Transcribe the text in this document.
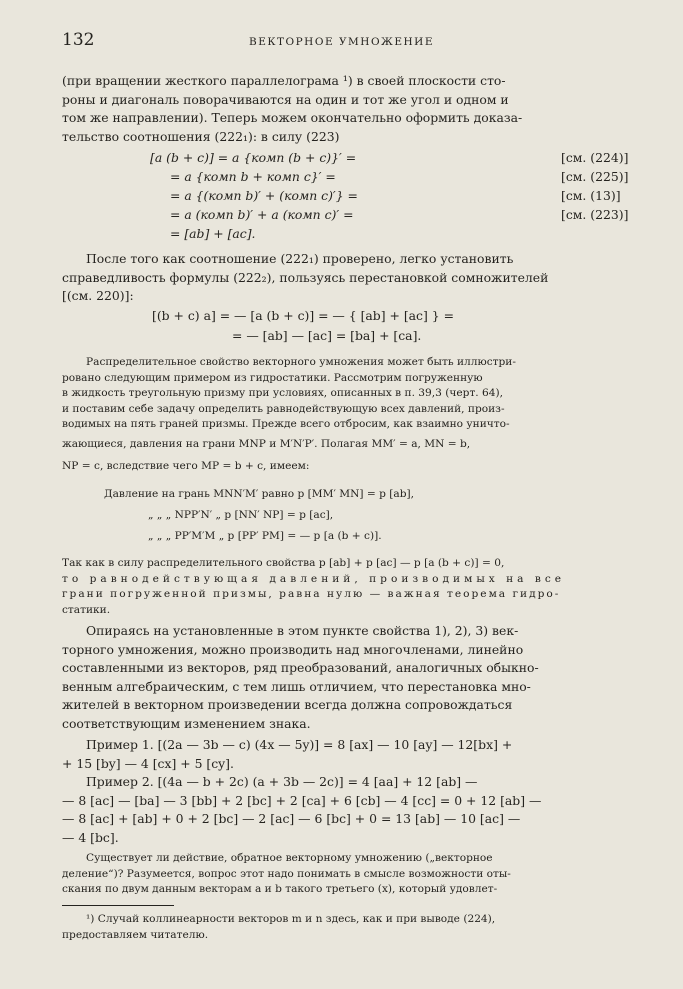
132	ВЕКТОРНОЕ УМНОЖЕНИЕ
(при вращении жесткого параллелограма ¹) в своей плоскости сто-
роны и диагональ поворачиваются на один и тот же угол и одном и
том же направлении). Теперь можем окончательно оформить доказа-
тельство соотношения (222₁): в силу (223)
[a (b + c)] = a {комп (b + c)}′ =	[см. (224)]
= a {комп b + комп c}′ =	[см. (225)]
= a {(комп b)′ + (комп c)′} =	[см. (13)]
= a (комп b)′ + a (комп c)′ =	[см. (223)]
= [ab] + [ac].
После того как соотношение (222₁) проверено, легко установить
справедливость формулы (222₂), пользуясь перестановкой сомножителей
[(см. 220)]:
[(b + c) a] = — [a (b + c)] = — { [ab] + [ac] } =
= — [ab] — [ac] = [ba] + [ca].
Распределительное свойство векторного умножения может быть иллюстри-
ровано следующим примером из гидростатики. Рассмотрим погруженную
в жидкость треугольную призму при условиях, описанных в п. 39,3 (черт. 64),
и поставим себе задачу определить равнодействующую всех давлений, произ-
водимых на пять граней призмы. Прежде всего отбросим, как взаимно уничто-
жающиеся, давления на грани MNP и M′N′P′. Полагая MM′ = a, MN = b,
NP = c, вследствие чего MP = b + c, имеем:
Давление на грань MNN′M′ равно p [MM′ MN] = p [ab],
„ „ „ NPP′N′ „ p [NN′ NP] = p [ac],
„ „ „ PP′M′M „ p [PP′ PM] = — p [a (b + c)].
Так как в силу распределительного свойства p [ab] + p [ac] — p [a (b + c)] = 0,
то равнодействующая давлений, производимых на все
грани погруженной призмы, равна нулю — важная теорема гидро-
статики.
Опираясь на установленные в этом пункте свойства 1), 2), 3) век-
торного умножения, можно производить над многочленами, линейно
составленными из векторов, ряд преобразований, аналогичных обыкно-
венным алгебраическим, с тем лишь отличием, что перестановка мно-
жителей в векторном произведении всегда должна сопровождаться
соответствующим изменением знака.
Пример 1. [(2a — 3b — c) (4x — 5y)] = 8 [ax] — 10 [ay] — 12[bx] +
+ 15 [by] — 4 [cx] + 5 [cy].
Пример 2. [(4a — b + 2c) (a + 3b — 2c)] = 4 [aa] + 12 [ab] —
— 8 [ac] — [ba] — 3 [bb] + 2 [bc] + 2 [ca] + 6 [cb] — 4 [cc] = 0 + 12 [ab] —
— 8 [ac] + [ab] + 0 + 2 [bc] — 2 [ac] — 6 [bc] + 0 = 13 [ab] — 10 [ac] —
— 4 [bc].
Существует ли действие, обратное векторному умножению („векторное
деление“)? Разумеется, вопрос этот надо понимать в смысле возможности оты-
скания по двум данным векторам a и b такого третьего (x), который удовлет-
¹) Случай коллинеарности векторов m и n здесь, как и при выводе (224),
предоставляем читателю.
